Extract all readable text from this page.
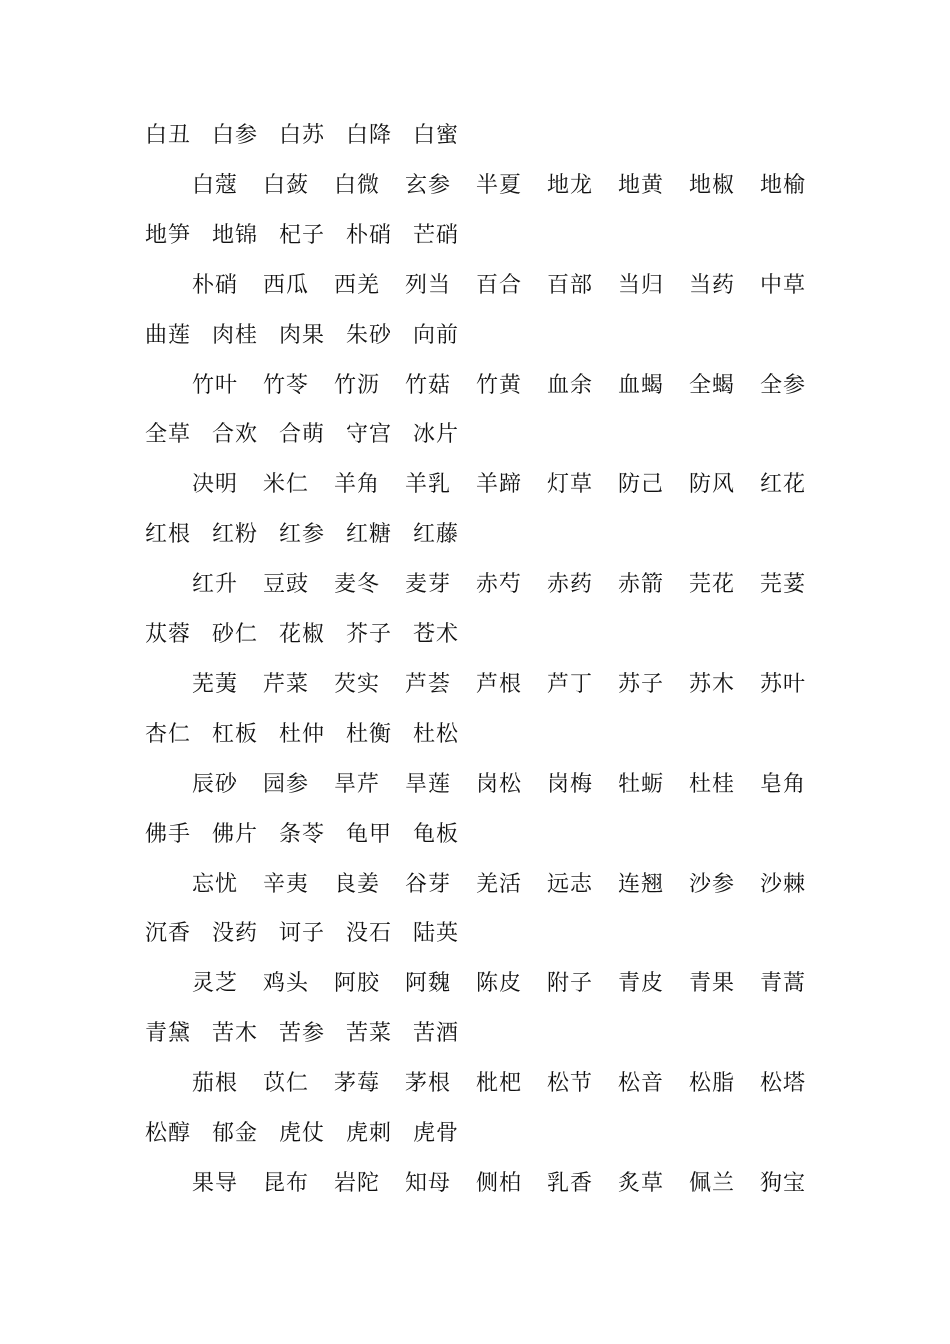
白丑 白参 白苏 白降 白蜜
白蔻 白蔹 白微 玄参 半夏 地龙 地黄 地椒 地榆
地笋 地锦 杞子 朴硝 芒硝
朴硝 西瓜 西羌 列当 百合 百部 当归 当药 中草
曲莲 肉桂 肉果 朱砂 向前
竹叶 竹苓 竹沥 竹菇 竹黄 血余 血蝎 全蝎 全参
全草 合欢 合萌 守宫 冰片
决明 米仁 羊角 羊乳 羊蹄 灯草 防己 防风 红花
红根 红粉 红参 红糖 红藤
红升 豆豉 麦冬 麦芽 赤芍 赤药 赤箭 芫花 芫荽
苁蓉 砂仁 花椒 芥子 苍术
芜荑 芹菜 芡实 芦荟 芦根 芦丁 苏子 苏木 苏叶
杏仁 杠板 杜仲 杜衡 杜松
辰砂 园参 旱芹 旱莲 岗松 岗梅 牡蛎 杜桂 皂角
佛手 佛片 条苓 龟甲 龟板
忘忧 辛夷 良姜 谷芽 羌活 远志 连翘 沙参 沙棘
沉香 没药 诃子 没石 陆英
灵芝 鸡头 阿胶 阿魏 陈皮 附子 青皮 青果 青蒿
青黛 苦木 苦参 苦菜 苦酒
茄根 苡仁 茅莓 茅根 枇杷 松节 松音 松脂 松塔
松醇 郁金 虎仗 虎刺 虎骨
果导 昆布 岩陀 知母 侧柏 乳香 炙草 佩兰 狗宝
